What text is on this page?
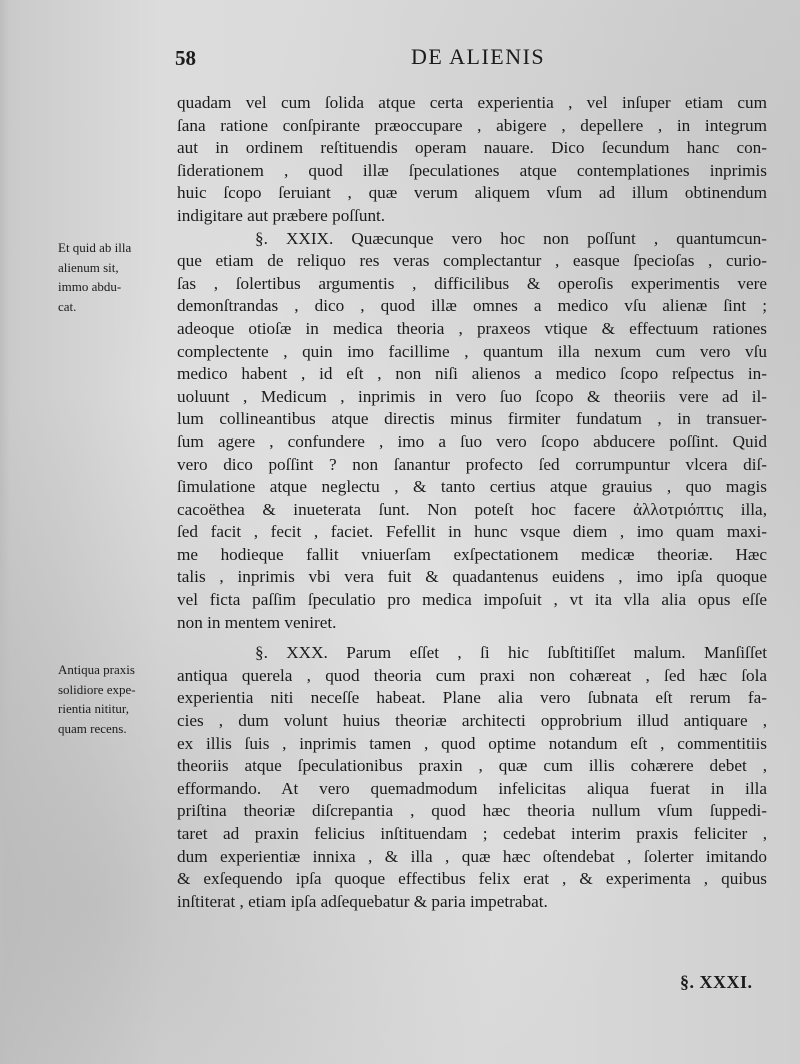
58	DE ALIENIS
Et quid ab illa
alienum sit,
immo abdu-
cat.
Antiqua praxis
solidiore expe-
rientia nititur,
quam recens.
quadam vel cum ſolida atque certa experientia , vel inſuper etiam cum
ſana ratione conſpirante præoccupare , abigere , depellere , in integrum
aut in ordinem reſtituendis operam nauare. Dico ſecundum hanc con-
ſiderationem , quod illæ ſpeculationes atque contemplationes inprimis
huic ſcopo ſeruiant , quæ verum aliquem vſum ad illum obtinendum
indigitare aut præbere poſſunt.
§. XXIX. Quæcunque vero hoc non poſſunt , quantumcun-
que etiam de reliquo res veras complectantur , easque ſpecioſas , curio-
ſas , ſolertibus argumentis , difficilibus & operoſis experimentis vere
demonſtrandas , dico , quod illæ omnes a medico vſu alienæ ſint ;
adeoque otioſæ in medica theoria , praxeos vtique & effectuum rationes
complectente , quin imo facillime , quantum illa nexum cum vero vſu
medico habent , id eſt , non niſi alienos a medico ſcopo reſpectus in-
uoluunt , Medicum , inprimis in vero ſuo ſcopo & theoriis vere ad il-
lum collineantibus atque directis minus firmiter fundatum , in transuer-
ſum agere , confundere , imo a ſuo vero ſcopo abducere poſſint. Quid
vero dico poſſint ? non ſanantur profecto ſed corrumpuntur vlcera diſ-
ſimulatione atque neglectu , & tanto certius atque grauius , quo magis
cacoëthea & inueterata ſunt. Non poteſt hoc facere ἀλλοτριόπτις illa,
ſed facit , fecit , faciet. Fefellit in hunc vsque diem , imo quam maxi-
me hodieque fallit vniuerſam exſpectationem medicæ theoriæ. Hæc
talis , inprimis vbi vera fuit & quadantenus euidens , imo ipſa quoque
vel ficta paſſim ſpeculatio pro medica impoſuit , vt ita vlla alia opus eſſe
non in mentem veniret.
§. XXX. Parum eſſet , ſi hic ſubſtitiſſet malum. Manſiſſet
antiqua querela , quod theoria cum praxi non cohæreat , ſed hæc ſola
experientia niti neceſſe habeat. Plane alia vero ſubnata eſt rerum fa-
cies , dum volunt huius theoriæ architecti opprobrium illud antiquare ,
ex illis ſuis , inprimis tamen , quod optime notandum eſt , commentitiis
theoriis atque ſpeculationibus praxin , quæ cum illis cohærere debet ,
efformando. At vero quemadmodum infelicitas aliqua fuerat in illa
priſtina theoriæ diſcrepantia , quod hæc theoria nullum vſum ſuppedi-
taret ad praxin felicius inſtituendam ; cedebat interim praxis feliciter ,
dum experientiæ innixa , & illa , quæ hæc oſtendebat , ſolerter imitando
& exſequendo ipſa quoque effectibus felix erat , & experimenta , quibus
inſtiterat , etiam ipſa adſequebatur & paria impetrabat.
§. XXXI.
